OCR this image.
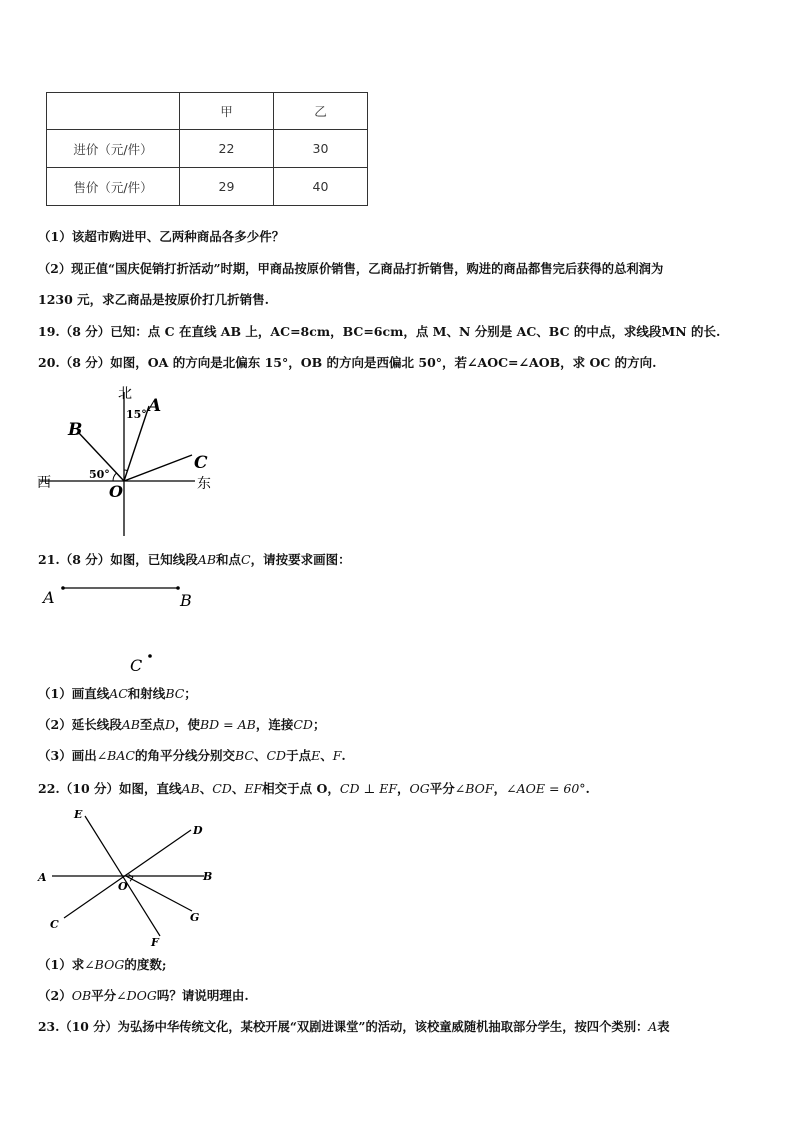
	甲	乙
进价（元/件）	22	30
售价（元/件）	29	40
（1）该超市购进甲、乙两种商品各多少件？
（2）现正值“国庆促销打折活动”时期，甲商品按原价销售，乙商品打折销售，购进的商品都售完后获得的总利润为
1230 元，求乙商品是按原价打几折销售.
19.（8 分）已知：点 C 在直线 AB 上，AC=8cm，BC=6cm，点 M、N 分别是 AC、BC 的中点，求线段MN 的长.
20.（8 分）如图，OA 的方向是北偏东 15°，OB 的方向是西偏北 50°，若∠AOC=∠AOB，求 OC 的方向.
北
A
B
C
15°
50°
西	东
O
21.（8 分）如图，已知线段AB和点C，请按要求画图：
A	B
C
（1）画直线AC和射线BC；
（2）延长线段AB至点D，使BD = AB，连接CD；
（3）画出∠BAC的角平分线分别交BC、CD于点E、F.
22.（10 分）如图，直线AB、CD、EF相交于点 O，CD ⊥ EF，OG平分∠BOF，∠AOE = 60°.
E
D
A	B
O
C
G
F
（1）求∠BOG的度数;
（2）OB平分∠DOG吗？请说明理由.
23.（10 分）为弘扬中华传统文化，某校开展“双剧进课堂”的活动，该校童威随机抽取部分学生，按四个类别：A表
